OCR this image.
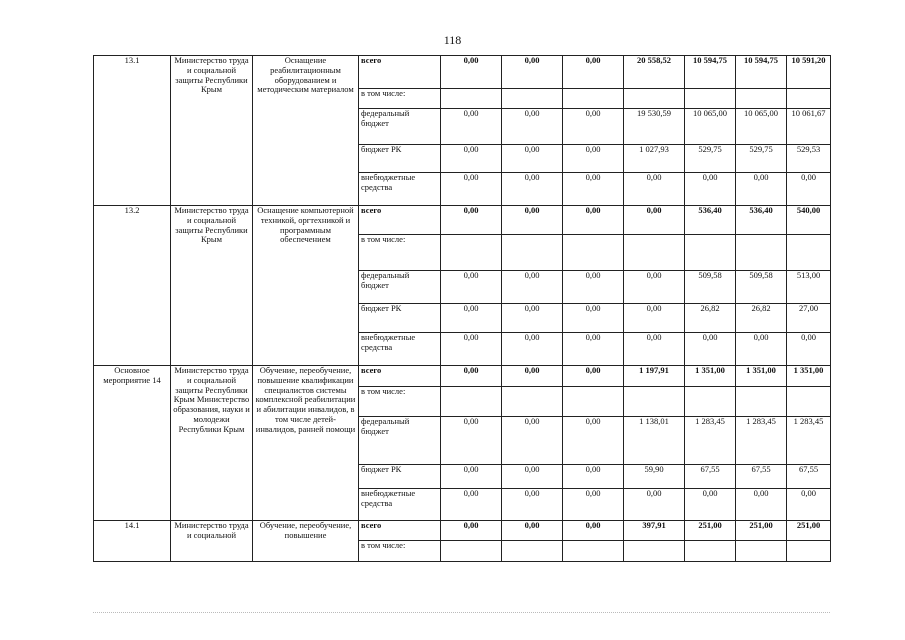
118
13.1	Министерство труда и социальной защиты Республики Крым	Оснащение реабилитационным оборудованием и методическим материалом	всего	0,00	0,00	0,00	20 558,52	10 594,75	10 594,75	10 591,20
			в том числе:							
			федеральный бюджет	0,00	0,00	0,00	19 530,59	10 065,00	10 065,00	10 061,67
			бюджет РК	0,00	0,00	0,00	1 027,93	529,75	529,75	529,53
			внебюджетные средства	0,00	0,00	0,00	0,00	0,00	0,00	0,00
13.2	Министерство труда и социальной защиты Республики Крым	Оснащение компьютерной техникой, оргтехникой и программным обеспечением	всего	0,00	0,00	0,00	0,00	536,40	536,40	540,00
			в том числе:							
			федеральный бюджет	0,00	0,00	0,00	0,00	509,58	509,58	513,00
			бюджет РК	0,00	0,00	0,00	0,00	26,82	26,82	27,00
			внебюджетные средства	0,00	0,00	0,00	0,00	0,00	0,00	0,00
Основное мероприятие 14	Министерство труда и социальной защиты Республики Крым Министерство образования, науки и молодежи Республики Крым	Обучение, переобучение, повышение квалификации специалистов системы комплексной реабилитации и абилитации инвалидов, в том числе детей-инвалидов, ранней помощи	всего	0,00	0,00	0,00	1 197,91	1 351,00	1 351,00	1 351,00
			в том числе:							
			федеральный бюджет	0,00	0,00	0,00	1 138,01	1 283,45	1 283,45	1 283,45
			бюджет РК	0,00	0,00	0,00	59,90	67,55	67,55	67,55
			внебюджетные средства	0,00	0,00	0,00	0,00	0,00	0,00	0,00
14.1	Министерство труда и социальной	Обучение, переобучение, повышение	всего	0,00	0,00	0,00	397,91	251,00	251,00	251,00
			в том числе:							
